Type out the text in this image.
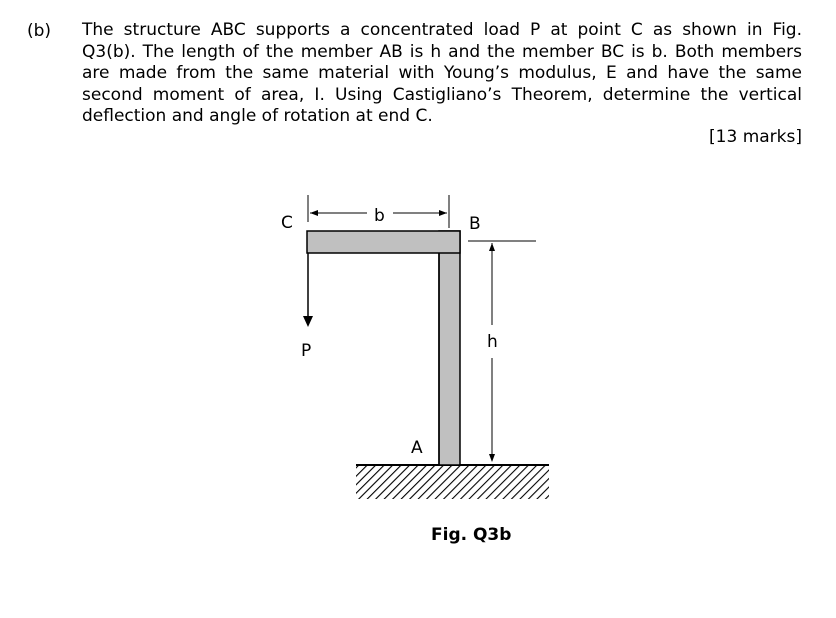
(b) The structure ABC supports a concentrated load P at point C as shown in Fig.
Q3(b). The length of the member AB is h and the member BC is b. Both members
are made from the same material with Young’s modulus, E and have the same
second moment of area, I. Using Castigliano’s Theorem, determine the vertical
deflection and angle of rotation at end C.
[13 marks]
C	b	B
h
P
A
Fig. Q3b
